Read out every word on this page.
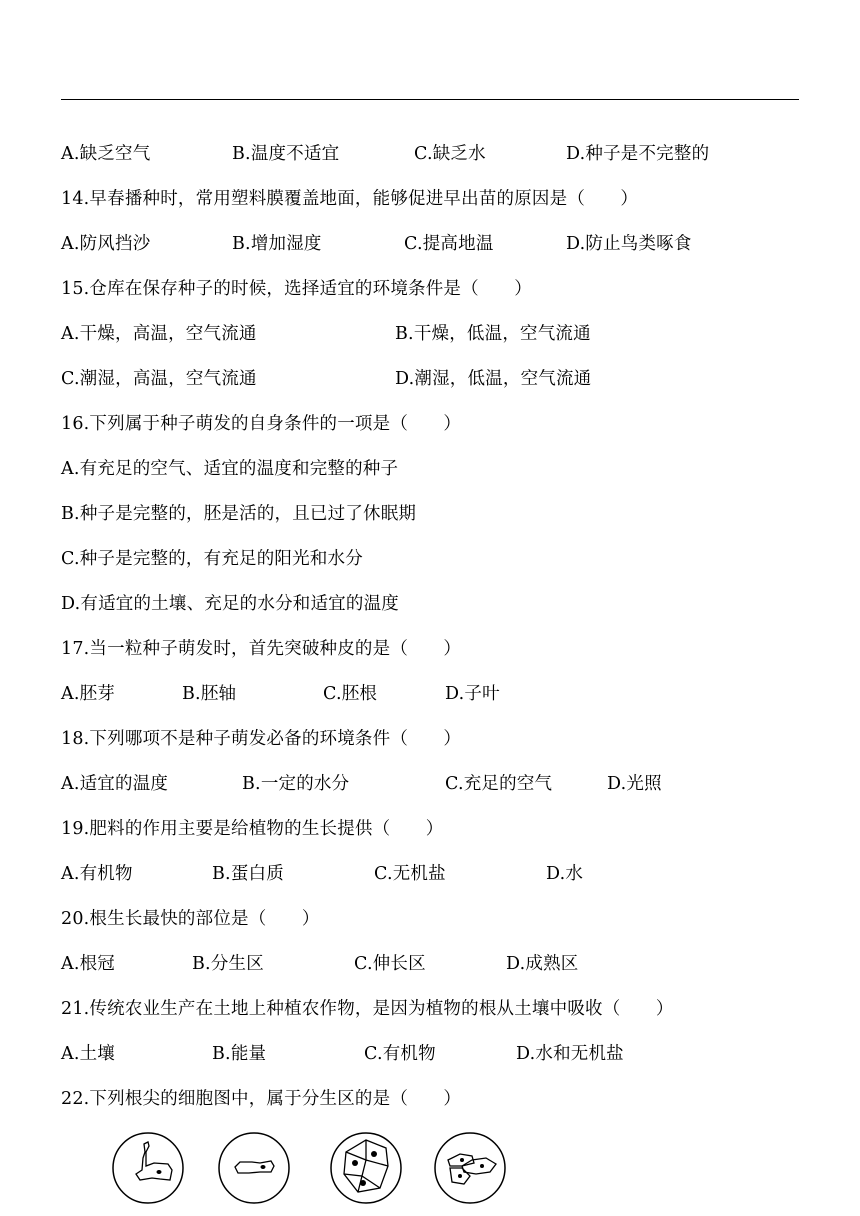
A.缺乏空气	B.温度不适宜	C.缺乏水	D.种子是不完整的
14.早春播种时，常用塑料膜覆盖地面，能够促进早出苗的原因是（　　）
A.防风挡沙	B.增加湿度	C.提高地温	D.防止鸟类啄食
15.仓库在保存种子的时候，选择适宜的环境条件是（　　）
A.干燥，高温，空气流通	B.干燥，低温，空气流通
C.潮湿，高温，空气流通	D.潮湿，低温，空气流通
16.下列属于种子萌发的自身条件的一项是（　　）
A.有充足的空气、适宜的温度和完整的种子
B.种子是完整的，胚是活的，且已过了休眠期
C.种子是完整的，有充足的阳光和水分
D.有适宜的土壤、充足的水分和适宜的温度
17.当一粒种子萌发时，首先突破种皮的是（　　）
A.胚芽	B.胚轴	C.胚根	D.子叶
18.下列哪项不是种子萌发必备的环境条件（　　）
A.适宜的温度	B.一定的水分	C.充足的空气	D.光照
19.肥料的作用主要是给植物的生长提供（　　）
A.有机物	B.蛋白质	C.无机盐	D.水
20.根生长最快的部位是（　　）
A.根冠	B.分生区	C.伸长区	D.成熟区
21.传统农业生产在土地上种植农作物，是因为植物的根从土壤中吸收（　　）
A.土壤	B.能量	C.有机物	D.水和无机盐
22.下列根尖的细胞图中，属于分生区的是（　　）
